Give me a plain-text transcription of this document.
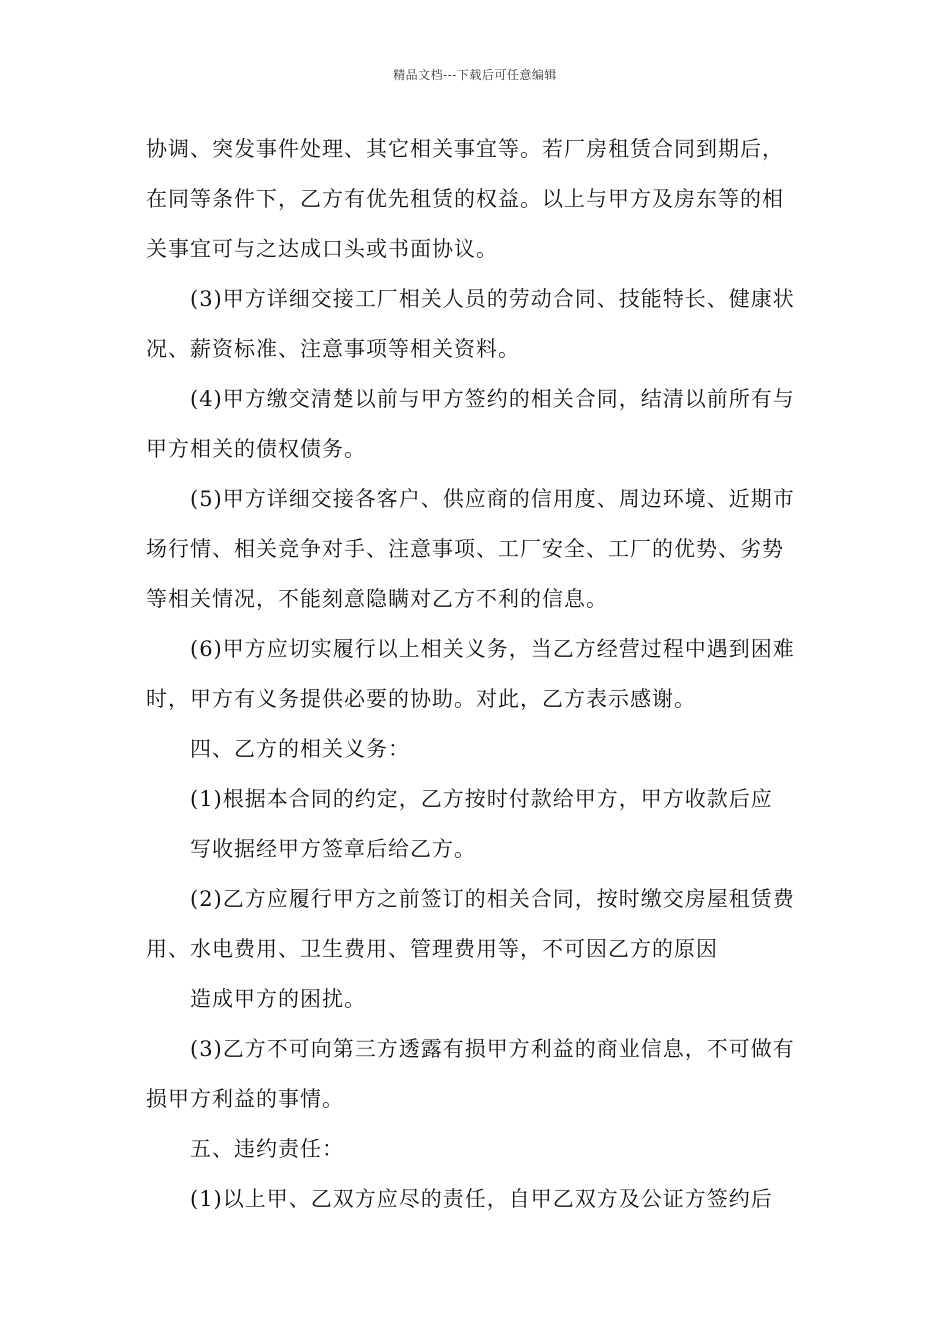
精品文档---下载后可任意编辑
协调、突发事件处理、其它相关事宜等。若厂房租赁合同到期后，
在同等条件下，乙方有优先租赁的权益。以上与甲方及房东等的相
关事宜可与之达成口头或书面协议。
(3)甲方详细交接工厂相关人员的劳动合同、技能特长、健康状
况、薪资标准、注意事项等相关资料。
(4)甲方缴交清楚以前与甲方签约的相关合同，结清以前所有与
甲方相关的债权债务。
(5)甲方详细交接各客户、供应商的信用度、周边环境、近期市
场行情、相关竞争对手、注意事项、工厂安全、工厂的优势、劣势
等相关情况，不能刻意隐瞒对乙方不利的信息。
(6)甲方应切实履行以上相关义务，当乙方经营过程中遇到困难
时，甲方有义务提供必要的协助。对此，乙方表示感谢。
四、乙方的相关义务：
(1)根据本合同的约定，乙方按时付款给甲方，甲方收款后应
写收据经甲方签章后给乙方。
(2)乙方应履行甲方之前签订的相关合同，按时缴交房屋租赁费
用、水电费用、卫生费用、管理费用等，不可因乙方的原因
造成甲方的困扰。
(3)乙方不可向第三方透露有损甲方利益的商业信息，不可做有
损甲方利益的事情。
五、违约责任：
(1)以上甲、乙双方应尽的责任，自甲乙双方及公证方签约后
